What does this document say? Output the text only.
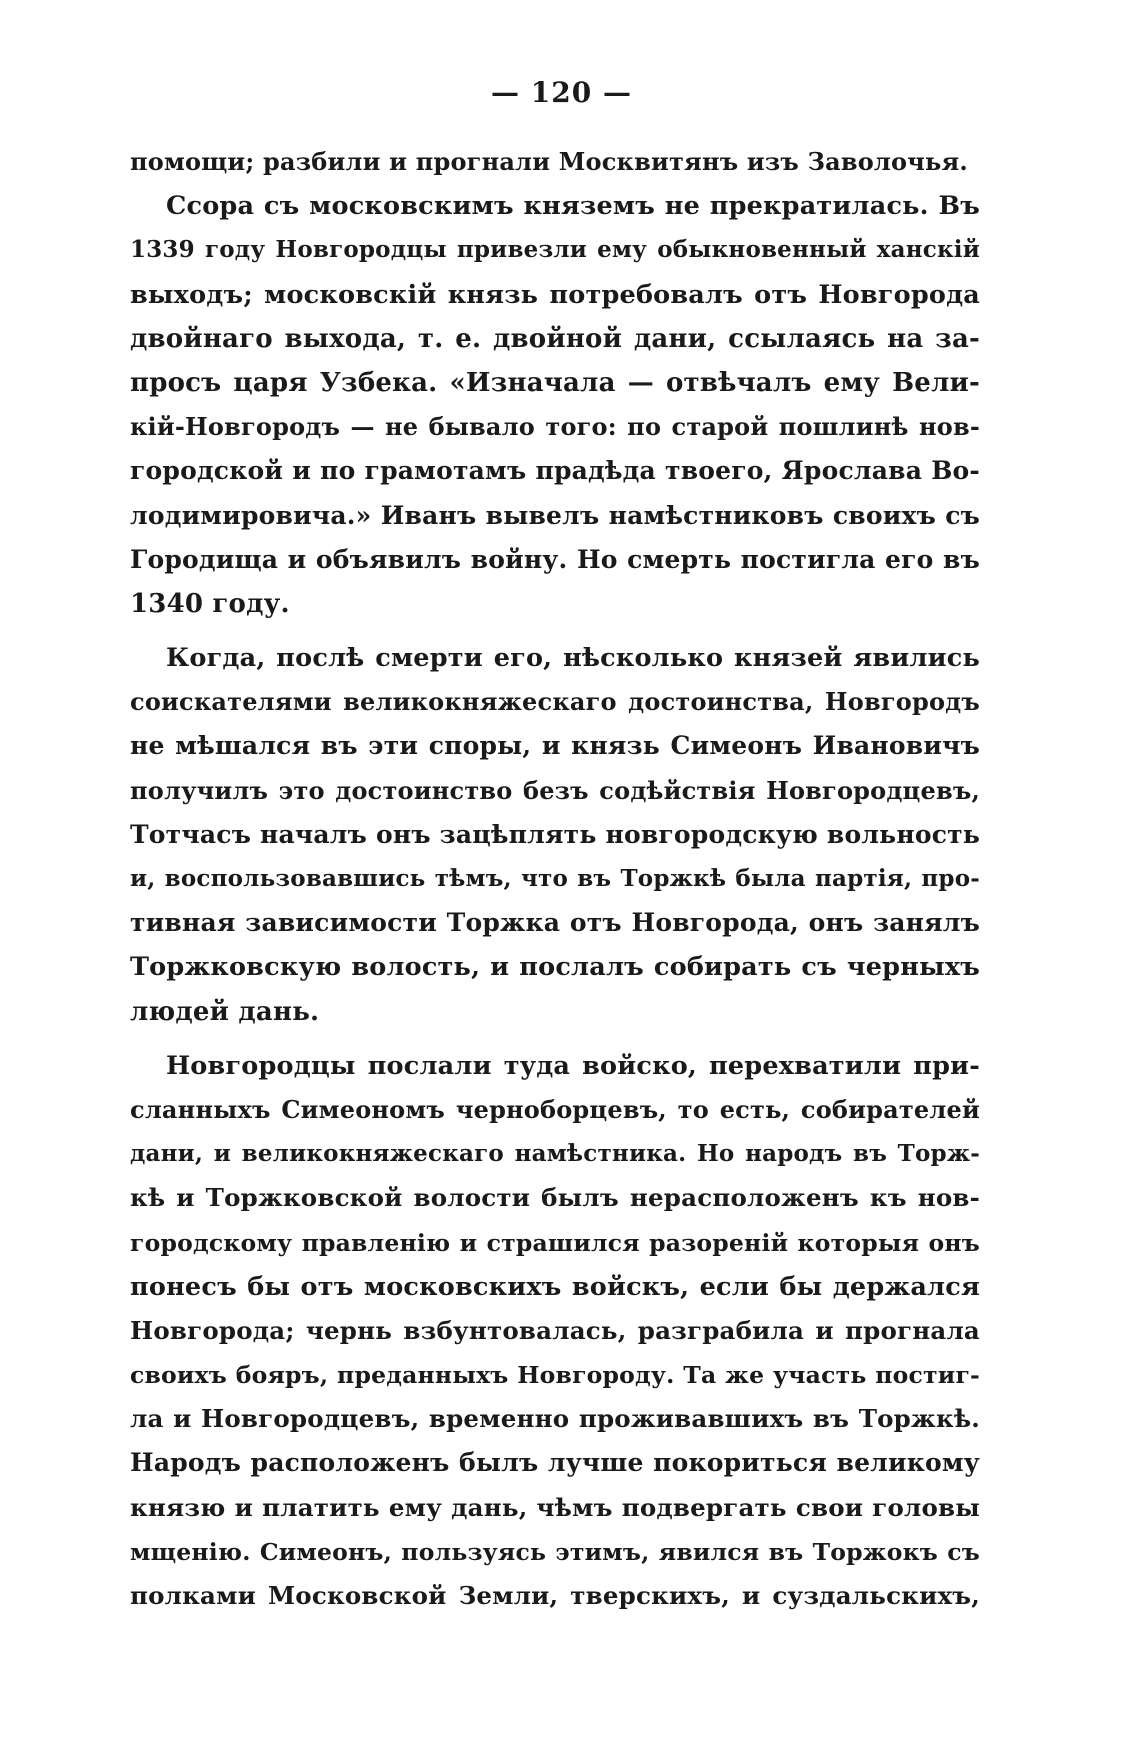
— 120 —
помощи; разбили и прогнали Москвитянъ изъ Заволочья.
Ссора съ московскимъ княземъ не прекратилась. Въ
1339 году Новгородцы привезли ему обыкновенный ханскій
выходъ; московскій князь потребовалъ отъ Новгорода
двойнаго выхода, т. е. двойной дани, ссылаясь на за-
просъ царя Узбека. «Изначала — отвѣчалъ ему Вели-
кій-Новгородъ — не бывало того: по старой пошлинѣ нов-
городской и по грамотамъ прадѣда твоего, Ярослава Во-
лодимировича.» Иванъ вывелъ намѣстниковъ своихъ съ
Городища и объявилъ войну. Но смерть постигла его въ
1340 году.
Когда, послѣ смерти его, нѣсколько князей явились
соискателями великокняжескаго достоинства, Новгородъ
не мѣшался въ эти споры, и князь Симеонъ Ивановичъ
получилъ это достоинство безъ содѣйствія Новгородцевъ,
Тотчасъ началъ онъ зацѣплять новгородскую вольность
и, воспользовавшись тѣмъ, что въ Торжкѣ была партія, про-
тивная зависимости Торжка отъ Новгорода, онъ занялъ
Торжковскую волость, и послалъ собирать съ черныхъ
людей дань.
Новгородцы послали туда войско, перехватили при-
сланныхъ Симеономъ черноборцевъ, то есть, собирателей
дани, и великокняжескаго намѣстника. Но народъ въ Торж-
кѣ и Торжковской волости былъ нерасположенъ къ нов-
городскому правленію и страшился разореній которыя онъ
понесъ бы отъ московскихъ войскъ, если бы держался
Новгорода; чернь взбунтовалась, разграбила и прогнала
своихъ бояръ, преданныхъ Новгороду. Та же участь постиг-
ла и Новгородцевъ, временно проживавшихъ въ Торжкѣ.
Народъ расположенъ былъ лучше покориться великому
князю и платить ему дань, чѣмъ подвергать свои головы
мщенію. Симеонъ, пользуясь этимъ, явился въ Торжокъ съ
полками Московской Земли, тверскихъ, и суздальскихъ,
